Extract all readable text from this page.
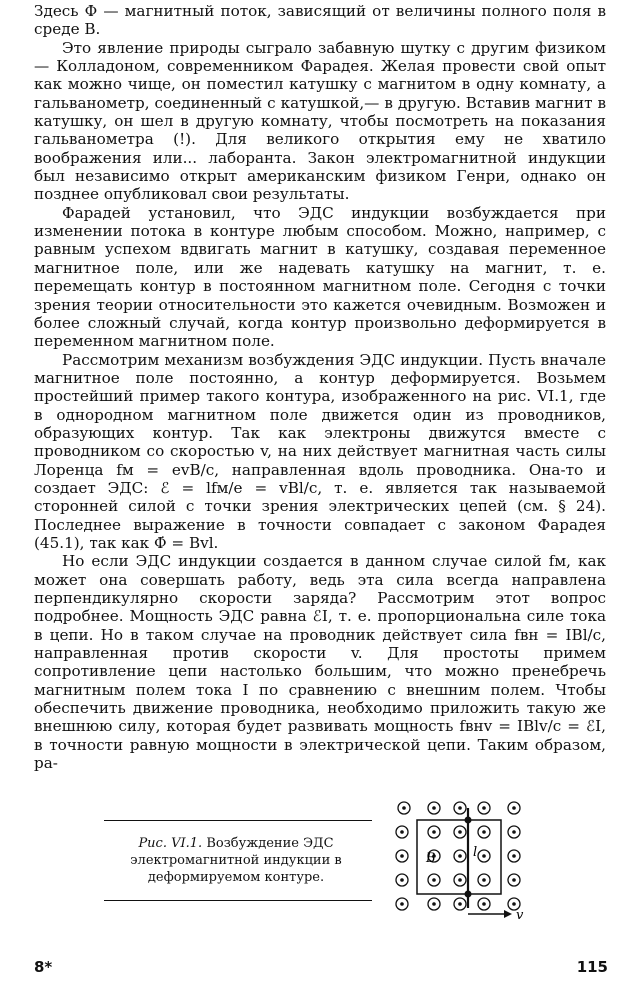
Здесь Ф — магнитный поток, зависящий от величины полного поля в среде B.

Это явление природы сыграло забавную шутку с другим физиком — Колладоном, современником Фарадея. Желая провести свой опыт как можно чище, он поместил катушку с магнитом в одну комнату, а гальванометр, соединенный с катушкой,— в другую. Вставив магнит в катушку, он шел в другую комнату, чтобы посмотреть на показания гальванометра (!). Для великого открытия ему не хватило воображения или... лаборанта. Закон электромагнитной индукции был независимо открыт американским физиком Генри, однако он позднее опубликовал свои результаты.

Фарадей установил, что ЭДС индукции возбуждается при изменении потока в контуре любым способом. Можно, например, с равным успехом вдвигать магнит в катушку, создавая переменное магнитное поле, или же надевать катушку на магнит, т. е. перемещать контур в постоянном магнитном поле. Сегодня с точки зрения теории относительности это кажется очевидным. Возможен и более сложный случай, когда контур произвольно деформируется в переменном магнитном поле.

Рассмотрим механизм возбуждения ЭДС индукции. Пусть вначале магнитное поле постоянно, а контур деформируется. Возьмем простейший пример такого контура, изображенного на рис. VI.1, где в однородном магнитном поле движется один из проводников, образующих контур. Так как электроны движутся вместе с проводником со скоростью v, на них действует магнитная часть силы Лоренца fм = evB/c, направленная вдоль проводника. Она-то и создает ЭДС: ℰ = lfм/e = vBl/c, т. е. является так называемой сторонней силой с точки зрения электрических цепей (см. § 24). Последнее выражение в точности совпадает с законом Фарадея (45.1), так как Ф̇ = Bvl.

Но если ЭДС индукции создается в данном случае силой fм, как может она совершать работу, ведь эта сила всегда направлена перпендикулярно скорости заряда? Рассмотрим этот вопрос подробнее. Мощность ЭДС равна ℰI, т. е. пропорциональна силе тока в цепи. Но в таком случае на проводник действует сила fвн = IBl/c, направленная против скорости v. Для простоты примем сопротивление цепи настолько большим, что можно пренебречь магнитным полем тока I по сравнению с внешним полем. Чтобы обеспечить движение проводника, необходимо приложить такую же внешнюю силу, которая будет развивать мощность fвнv = IBlv/c = ℰI, в точности равную мощности в электрической цепи. Таким образом, ра-

Рис. VI.1. Возбуждение ЭДС электромагнитной индукции в деформируемом контуре.

B	l
v
8*	115
